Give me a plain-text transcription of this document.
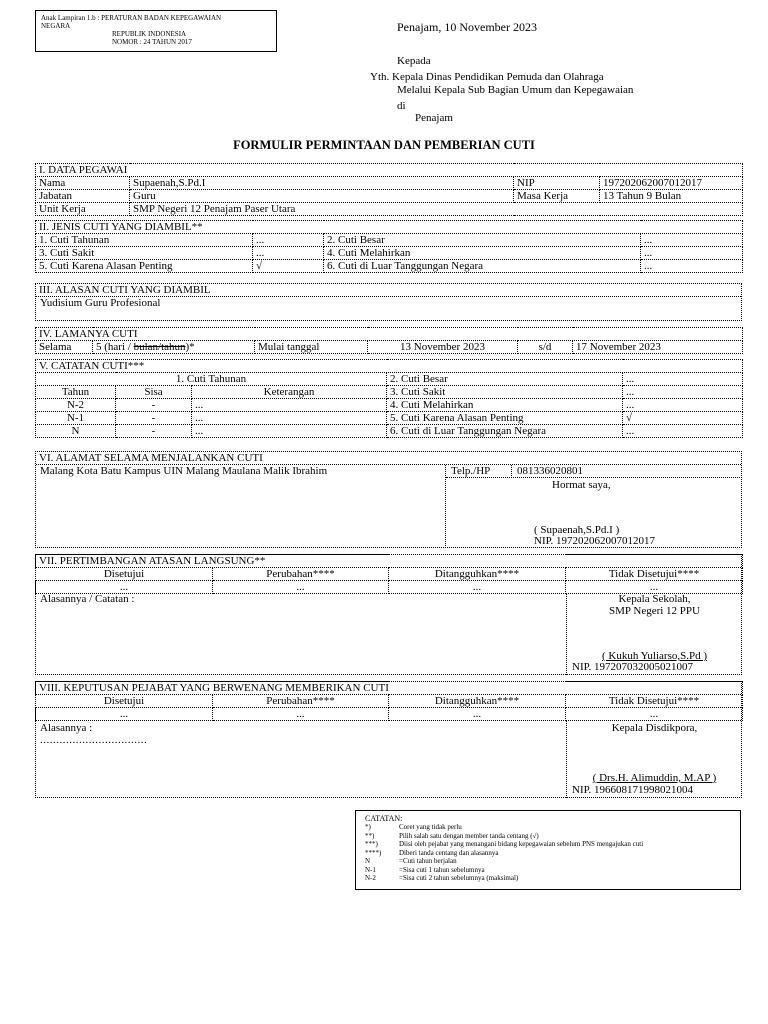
Anak Lampiran 1.b : PERATURAN BADAN KEPEGAWAIAN
NEGARA
REPUBLIK INDONESIA
NOMOR : 24 TAHUN 2017
Penajam, 10 November 2023
Kepada
Yth. Kepala Dinas Pendidikan Pemuda dan Olahraga
Melalui Kepala Sub Bagian Umum dan Kepegawaian
di
Penajam
FORMULIR PERMINTAAN DAN PEMBERIAN CUTI
I. DATA PEGAWAI			
Nama	Supaenah,S.Pd.I	NIP	197202062007012017
Jabatan	Guru	Masa Kerja	13 Tahun 9 Bulan
Unit Kerja	SMP Negeri 12 Penajam Paser Utara		
II. JENIS CUTI YANG DIAMBIL**			
1. Cuti Tahunan	...	2. Cuti Besar	...
3. Cuti Sakit	...	4. Cuti Melahirkan	...
5. Cuti Karena Alasan Penting	√	6. Cuti di Luar Tanggungan Negara	...
III. ALASAN CUTI YANG DIAMBIL
Yudisium Guru Profesional
IV. LAMANYA CUTI
Selama	5 (hari / bulan/tahun)*	Mulai tanggal	13 November 2023	s/d	17 November 2023
V. CATATAN CUTI***				
1. Cuti Tahunan			2. Cuti Besar	...
Tahun	Sisa	Keterangan	3. Cuti Sakit	...
N-2	-	...	4. Cuti Melahirkan	...
N-1	-	...	5. Cuti Karena Alasan Penting	√
N	-	...	6. Cuti di Luar Tanggungan Negara	...
VI. ALAMAT SELAMA MENJALANKAN CUTI
Malang Kota Batu Kampus UIN Malang Maulana Malik Ibrahim	Telp./HP 081336020801
Hormat saya,
( Supaenah,S.Pd.I )
NIP. 197202062007012017
VII. PERTIMBANGAN ATASAN LANGSUNG**			
Disetujui	Perubahan****	Ditangguhkan****	Tidak Disetujui****
...	...	...	...
Alasannya / Catatan :	Kepala Sekolah,
SMP Negeri 12 PPU
( Kukuh Yuliarso,S.Pd )
NIP. 197207032005021007
VIII. KEPUTUSAN PEJABAT YANG BERWENANG MEMBERIKAN CUTI			
Disetujui	Perubahan****	Ditangguhkan****	Tidak Disetujui****
...	...	...	...
Alasannya :
.................................
Kepala Disdikpora,
( Drs.H. Alimuddin, M.AP )
NIP. 196608171998021004
CATATAN:
*)	Coret yang tidak perlu
**)	Pilih salah satu dengan member tanda centang (√)
***)	Diisi oleh pejabat yang menangani bidang kepegawaian sebelum PNS mengajukan cuti
****)	Diberi tanda centang dan alasannya
N	=Cuti tahun berjalan
N-1	=Sisa cuti 1 tahun sebelumnya
N-2	=Sisa cuti 2 tahun sebelumnya (maksimal)
